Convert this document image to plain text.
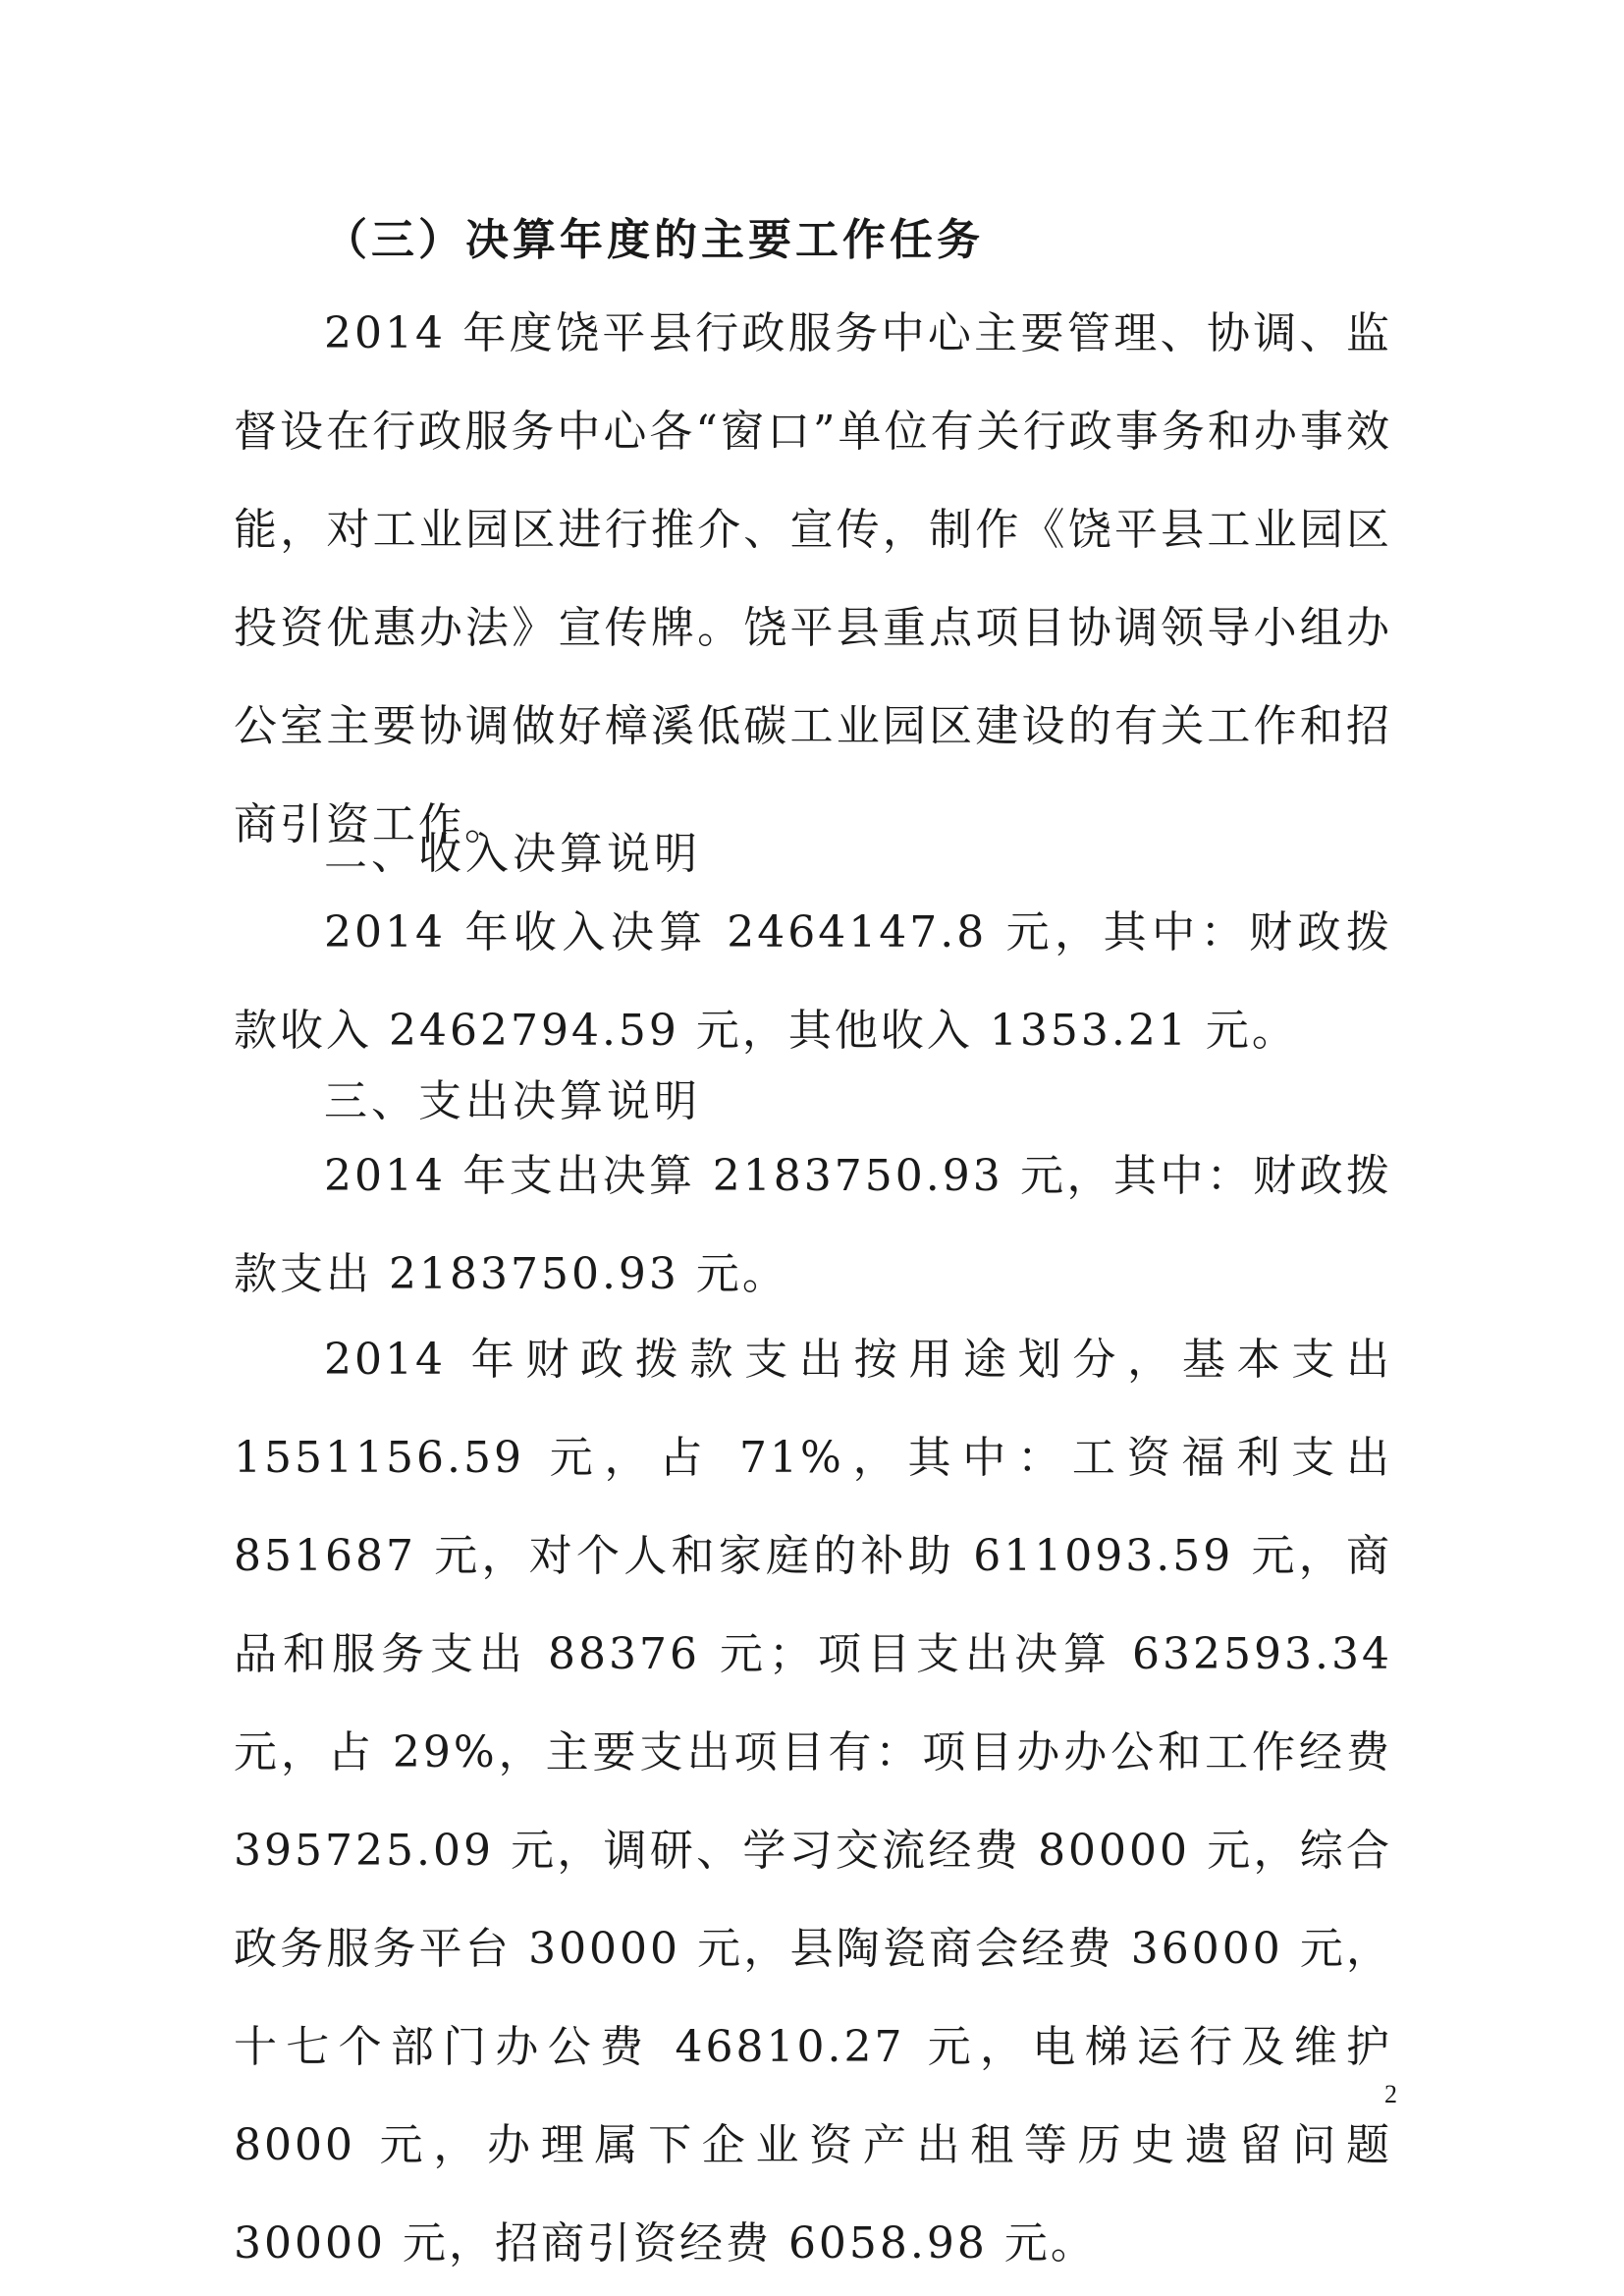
（三）决算年度的主要工作任务

2014 年度饶平县行政服务中心主要管理、协调、监督设在行政服务中心各“窗口”单位有关行政事务和办事效能，对工业园区进行推介、宣传，制作《饶平县工业园区投资优惠办法》宣传牌。饶平县重点项目协调领导小组办公室主要协调做好樟溪低碳工业园区建设的有关工作和招商引资工作。

二、收入决算说明

2014 年收入决算 2464147.8 元，其中：财政拨款收入 2462794.59 元，其他收入 1353.21 元。

三、支出决算说明

2014 年支出决算 2183750.93 元，其中：财政拨款支出 2183750.93 元。

2014 年财政拨款支出按用途划分，基本支出 1551156.59 元，占 71%，其中：工资福利支出 851687 元，对个人和家庭的补助 611093.59 元，商品和服务支出 88376 元；项目支出决算 632593.34 元，占 29%，主要支出项目有：项目办办公和工作经费 395725.09 元，调研、学习交流经费 80000 元，综合政务服务平台 30000 元，县陶瓷商会经费 36000 元，十七个部门办公费 46810.27 元，电梯运行及维护 8000 元，办理属下企业资产出租等历史遗留问题 30000 元，招商引资经费 6058.98 元。

2
